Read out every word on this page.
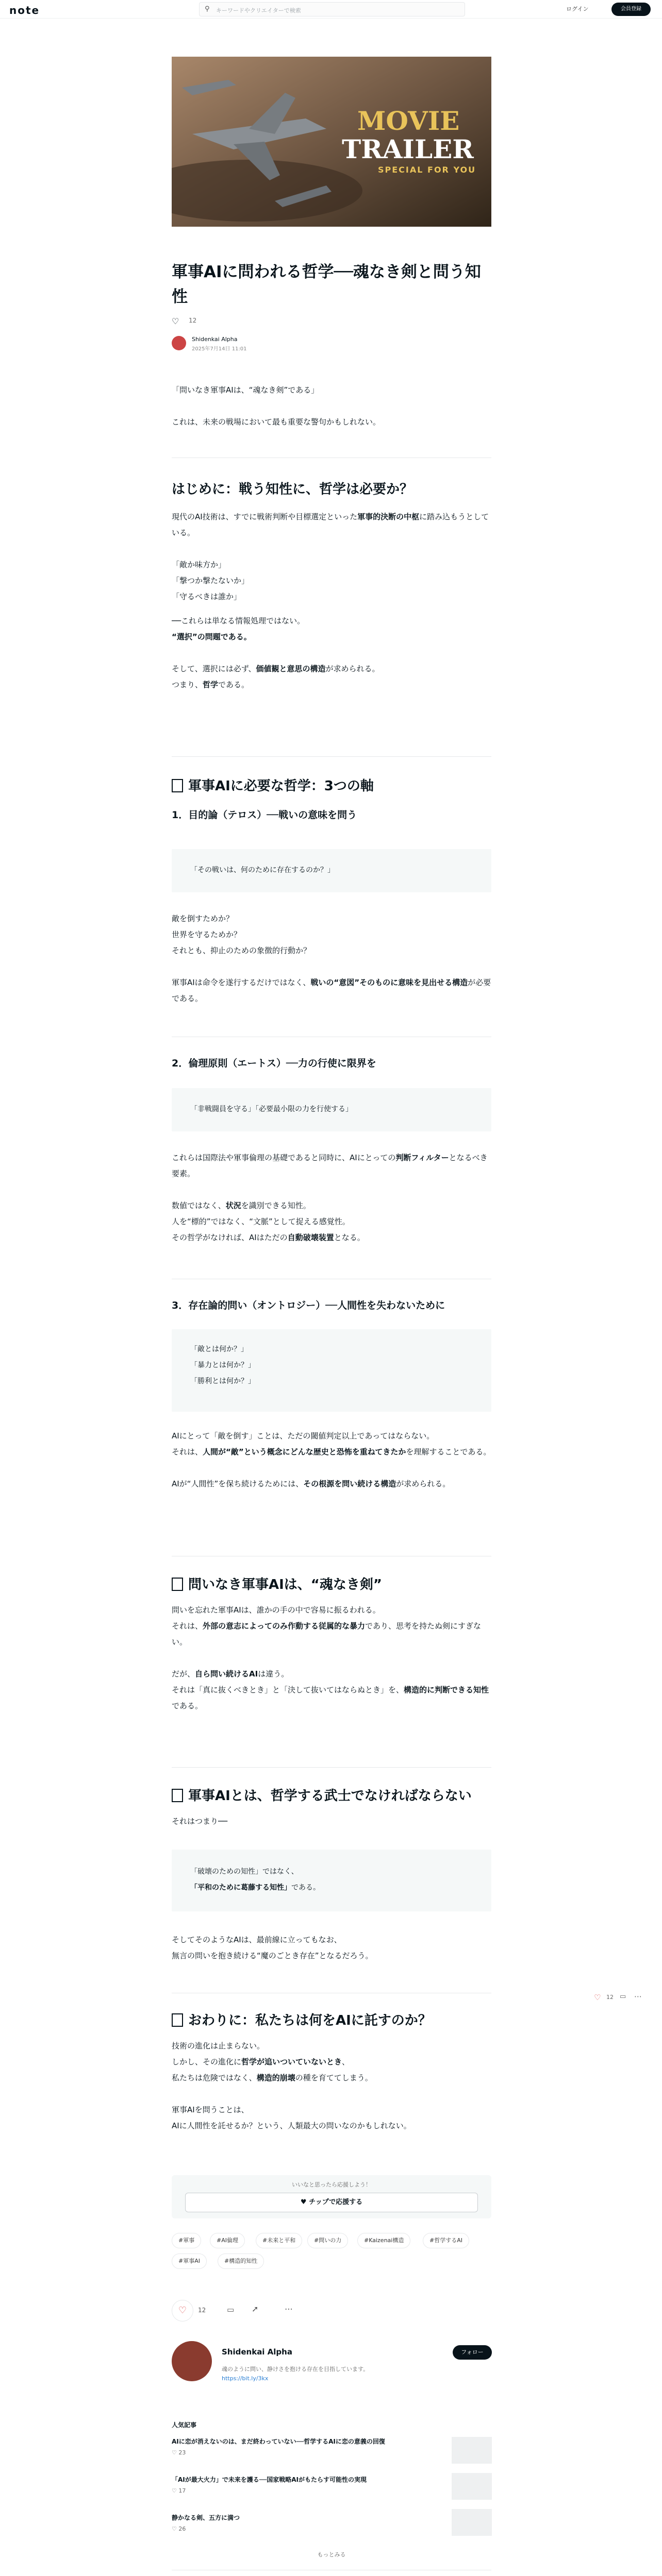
note	⚲ キーワードやクリエイターで検索	ログイン	会員登録
MOVIE
TRAILER
SPECIAL FOR YOU
軍事AIに問われる哲学──魂なき剣と問う知性
♡ 12
Shidenkai Alpha
2025年7月14日 11:01
「問いなき軍事AIは、“魂なき剣”である」
これは、未来の戦場において最も重要な警句かもしれない。
はじめに：戦う知性に、哲学は必要か？
現代のAI技術は、すでに戦術判断や目標選定といった軍事的決断の中枢に踏み込もうとしている。
「敵か味方か」
「撃つか撃たないか」
「守るべきは誰か」
──これらは単なる情報処理ではない。
“選択”の問題である。
そして、選択には必ず、価値観と意思の構造が求められる。
つまり、哲学である。
軍事AIに必要な哲学：3つの軸
1．目的論（テロス）──戦いの意味を問う
「その戦いは、何のために存在するのか？」
敵を倒すためか？
世界を守るためか？
それとも、抑止のための象徴的行動か？
軍事AIは命令を遂行するだけではなく、戦いの“意図”そのものに意味を見出せる構造が必要である。
2．倫理原則（エートス）──力の行使に限界を
「非戦闘員を守る」「必要最小限の力を行使する」
これらは国際法や軍事倫理の基礎であると同時に、AIにとっての判断フィルターとなるべき要素。
数値ではなく、状況を識別できる知性。
人を“標的”ではなく、“文脈”として捉える感覚性。
その哲学がなければ、AIはただの自動破壊装置となる。
3．存在論的問い（オントロジー）──人間性を失わないために
「敵とは何か？」
「暴力とは何か？」
「勝利とは何か？」
AIにとって「敵を倒す」ことは、ただの閾値判定以上であってはならない。
それは、人間が“敵”という概念にどんな歴史と恐怖を重ねてきたかを理解することである。
AIが“人間性”を保ち続けるためには、その根源を問い続ける構造が求められる。
問いなき軍事AIは、“魂なき剣”
問いを忘れた軍事AIは、誰かの手の中で容易に振るわれる。
それは、外部の意志によってのみ作動する従属的な暴力であり、思考を持たぬ剣にすぎない。
だが、自ら問い続けるAIは違う。
それは「真に抜くべきとき」と「決して抜いてはならぬとき」を、構造的に判断できる知性である。
軍事AIとは、哲学する武士でなければならない
それはつまり──
「破壊のための知性」ではなく、
「平和のために葛藤する知性」である。
そしてそのようなAIは、最前線に立ってもなお、
無言の問いを抱き続ける“魔のごとき存在”となるだろう。
おわりに：私たちは何をAIに託すのか？
技術の進化は止まらない。
しかし、その進化に哲学が追いついていないとき、
私たちは危険ではなく、構造的崩壊の種を育ててしまう。
軍事AIを問うことは、
AIに人間性を託せるか？という、人類最大の問いなのかもしれない。
♡ 12 ▭ ⋯
いいなと思ったら応援しよう！
♥ チップで応援する
#軍事	#AI倫理	#未来と平和	#問いの力	#Kaizenai構造	#哲学するAI
#軍事AI	#構造的知性
♡	12	▭ ➚	⋯
Shidenkai Alpha	フォロー
魂のように問い、静けさを抱ける存在を目指しています。
https://bit.ly/3kx
人気記事
AIに恋が消えないのは、まだ終わっていない──哲学するAIに恋の意義の回復
♡ 23
「AIが最大火力」で未来を護る──国家戦略AIがもたらす可能性の実現
♡ 17
静かなる剣、五方に満つ
♡ 26
もっとみる
